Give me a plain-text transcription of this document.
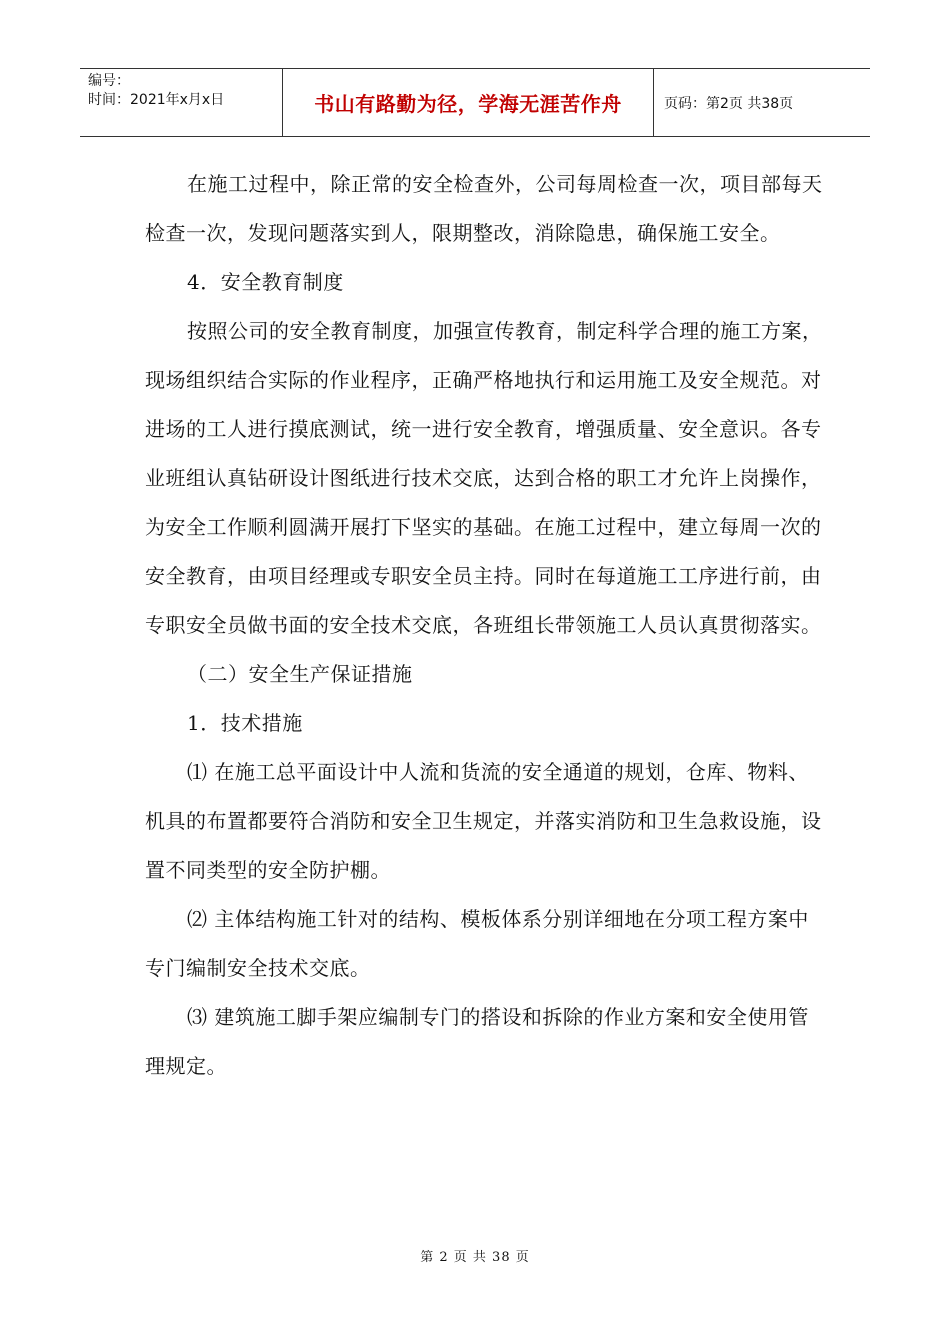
编号：
时间：2021年x月x日	书山有路勤为径，学海无涯苦作舟	页码：第2页 共38页

在施工过程中，除正常的安全检查外，公司每周检查一次，项目部每天检查一次，发现问题落实到人，限期整改，消除隐患，确保施工安全。

4．安全教育制度

按照公司的安全教育制度，加强宣传教育，制定科学合理的施工方案，现场组织结合实际的作业程序，正确严格地执行和运用施工及安全规范。对进场的工人进行摸底测试，统一进行安全教育，增强质量、安全意识。各专业班组认真钻研设计图纸进行技术交底，达到合格的职工才允许上岗操作，为安全工作顺利圆满开展打下坚实的基础。在施工过程中，建立每周一次的安全教育，由项目经理或专职安全员主持。同时在每道施工工序进行前，由专职安全员做书面的安全技术交底，各班组长带领施工人员认真贯彻落实。

（二）安全生产保证措施

1．技术措施

⑴ 在施工总平面设计中人流和货流的安全通道的规划，仓库、物料、机具的布置都要符合消防和安全卫生规定，并落实消防和卫生急救设施，设置不同类型的安全防护棚。

⑵ 主体结构施工针对的结构、模板体系分别详细地在分项工程方案中专门编制安全技术交底。

⑶ 建筑施工脚手架应编制专门的搭设和拆除的作业方案和安全使用管理规定。

第 2 页 共 38 页
